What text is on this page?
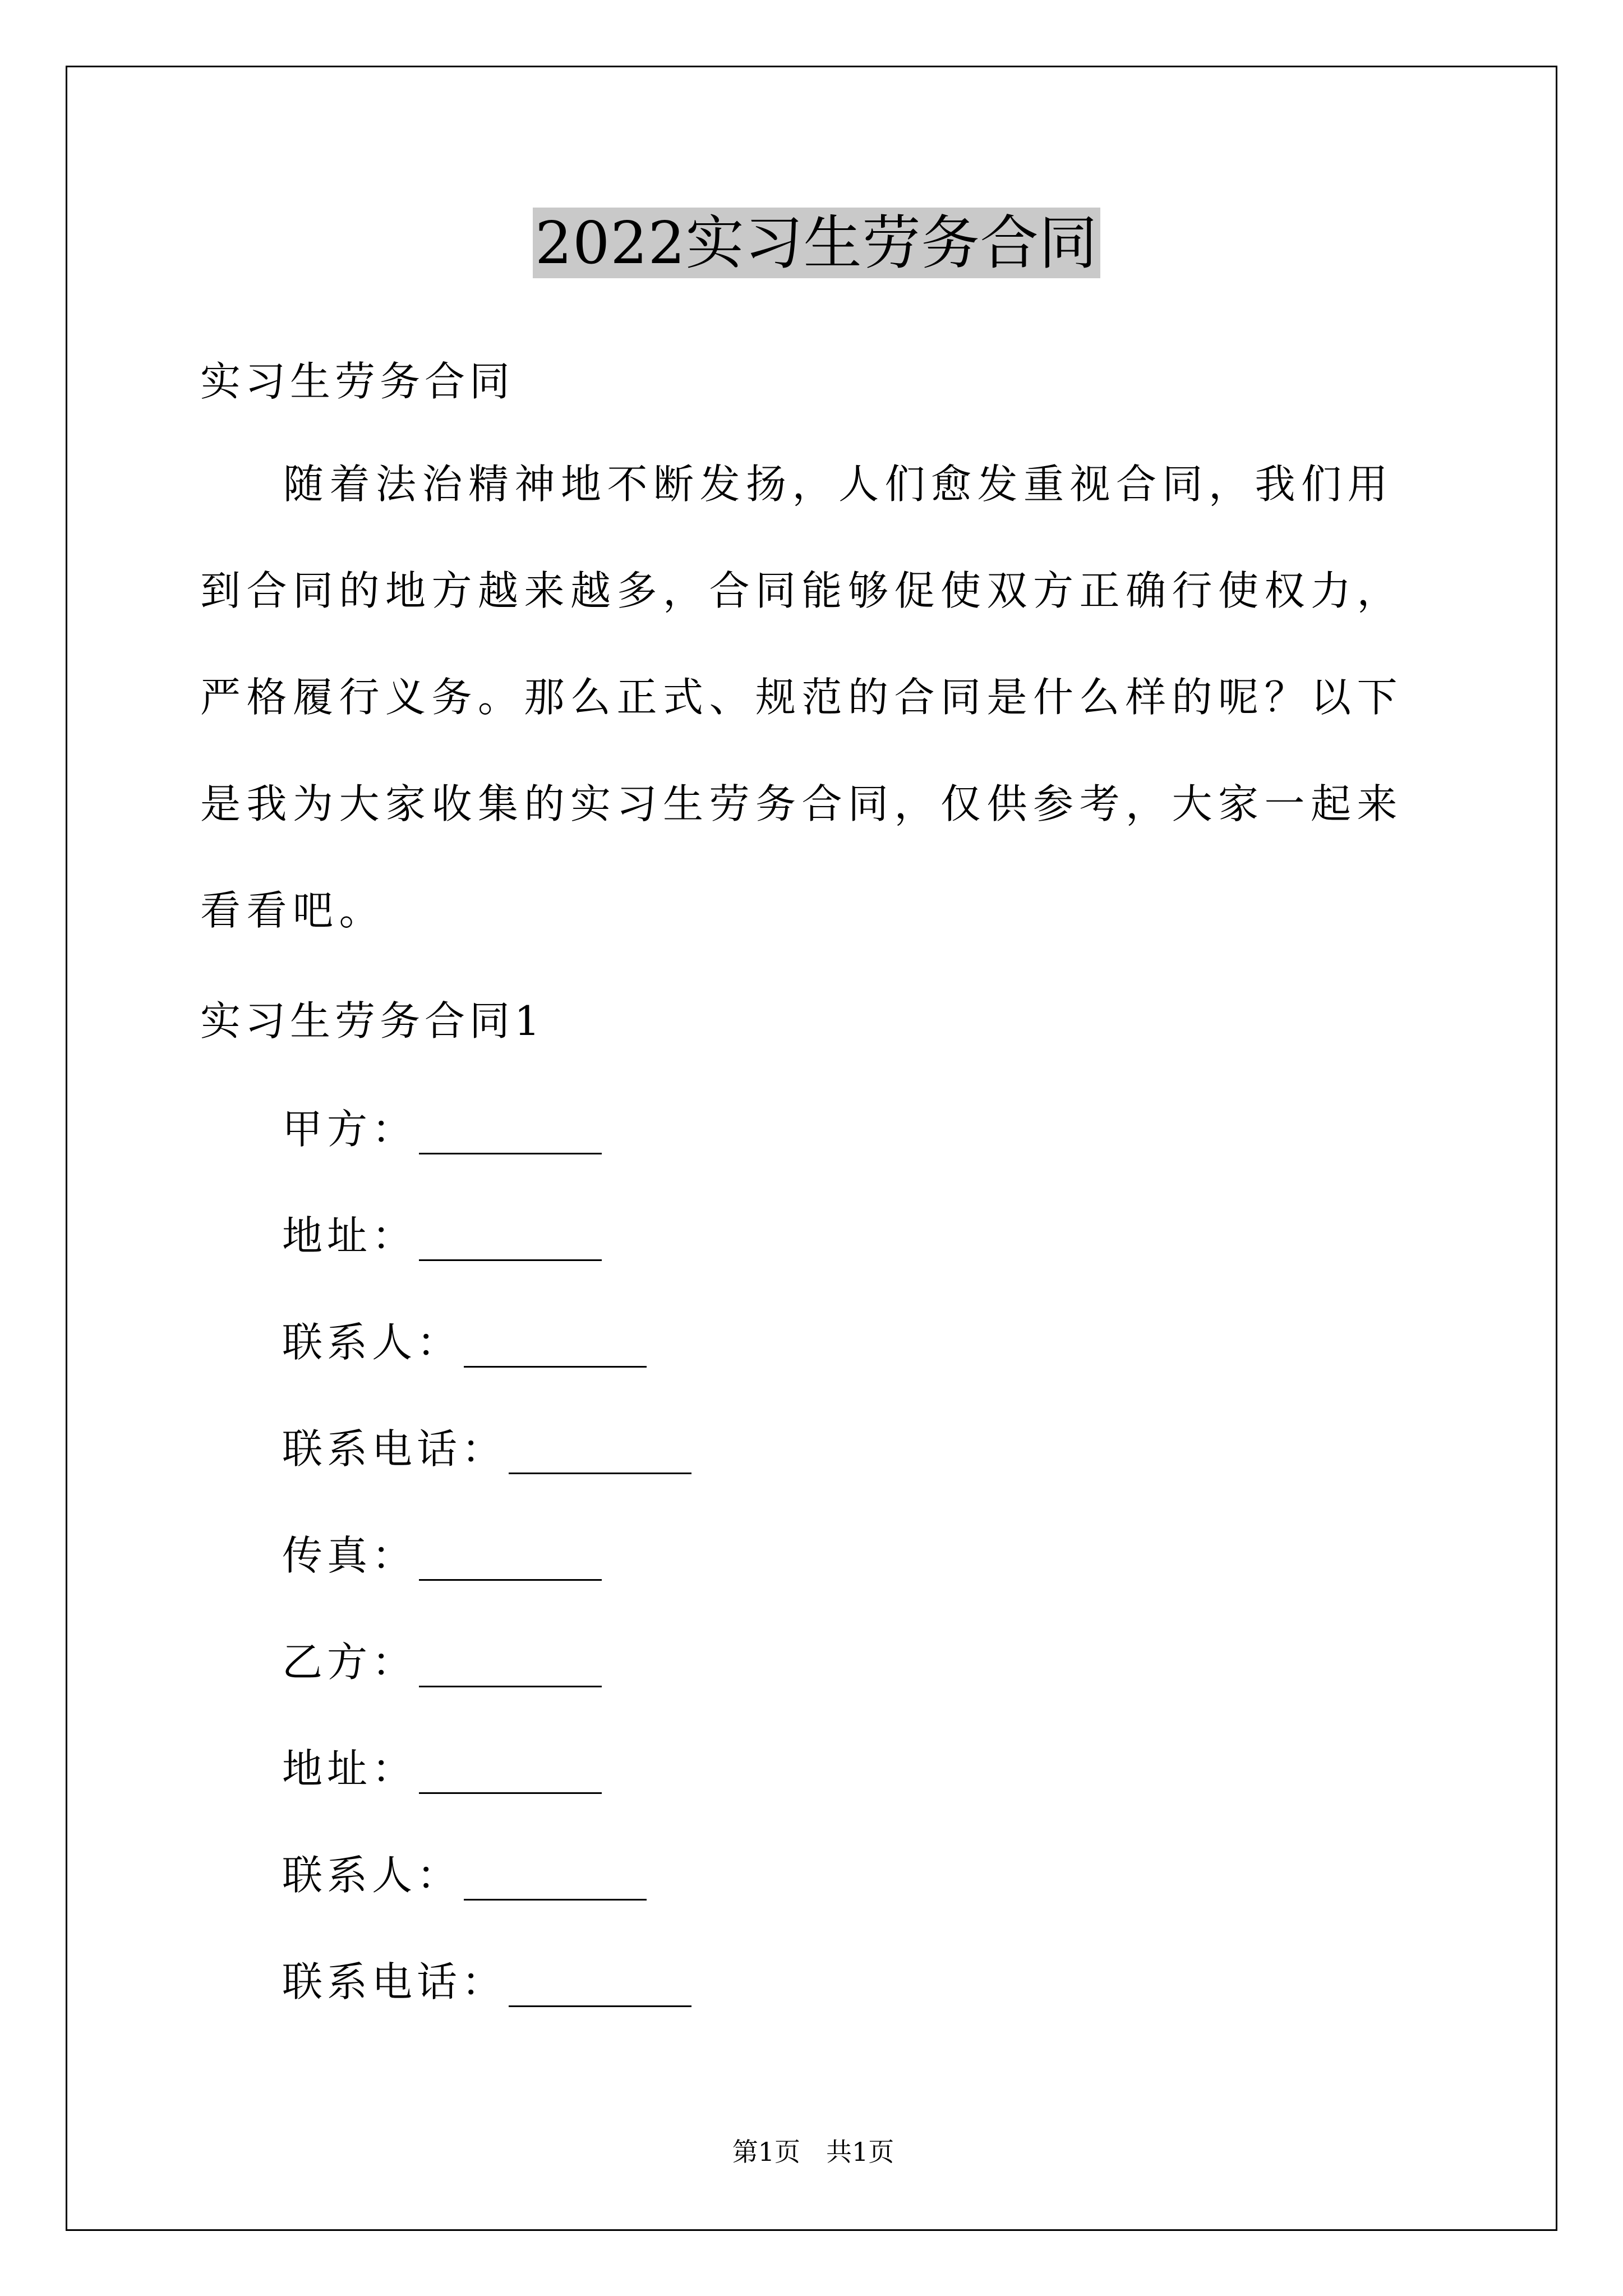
2022实习生劳务合同
实习生劳务合同
随着法治精神地不断发扬，人们愈发重视合同，我们用到合同的地方越来越多，合同能够促使双方正确行使权力，严格履行义务。那么正式、规范的合同是什么样的呢？以下是我为大家收集的实习生劳务合同，仅供参考，大家一起来看看吧。
实习生劳务合同1
甲方：
地址：
联系人：
联系电话：
传真：
乙方：
地址：
联系人：
联系电话：
第1页　共1页
